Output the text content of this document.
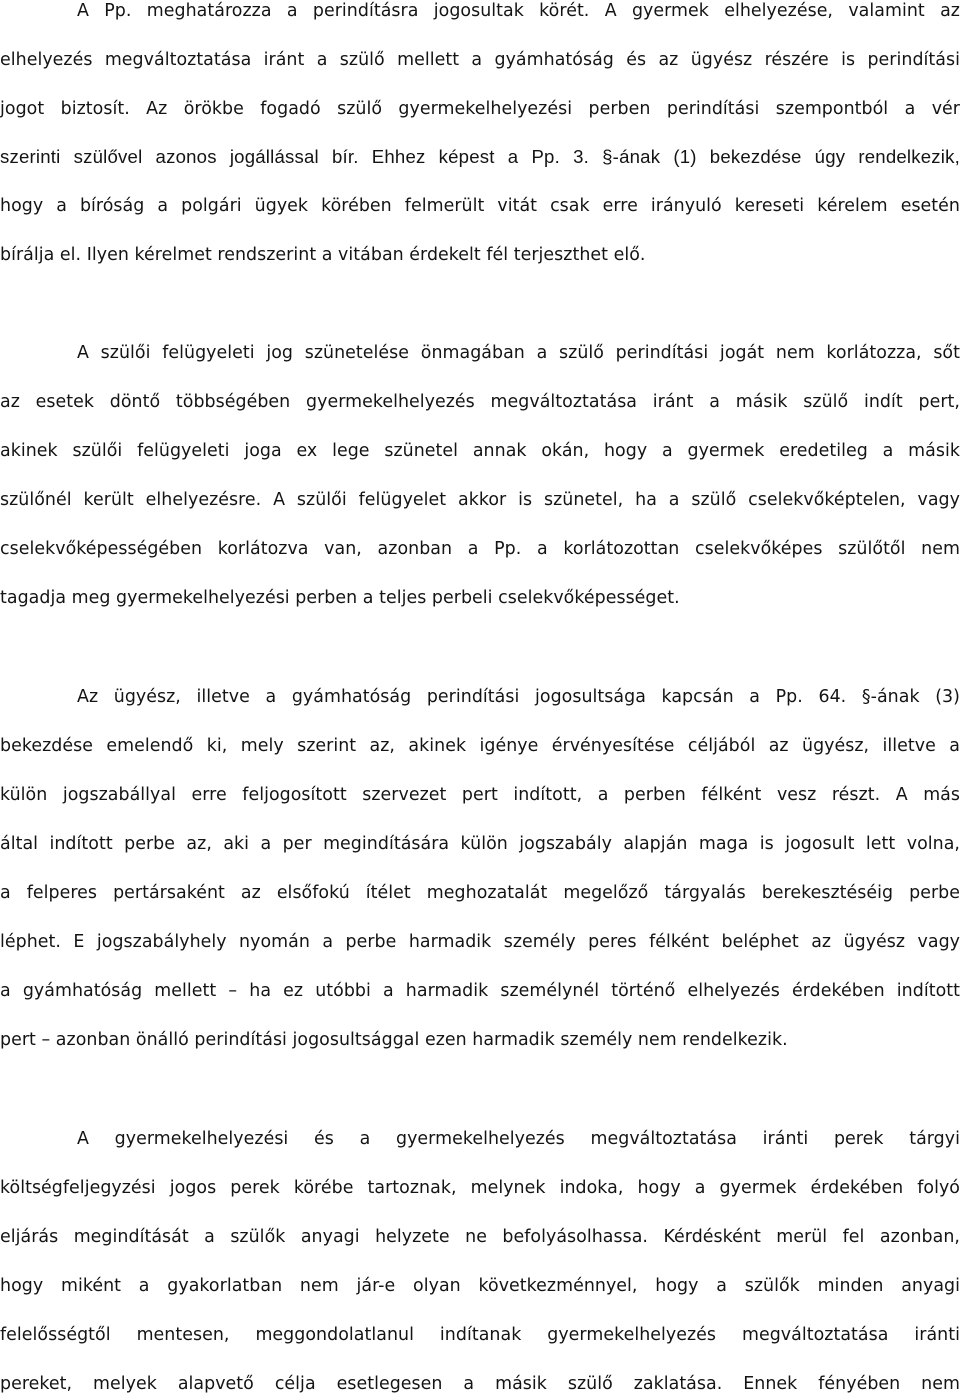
A Pp. meghatározza a perindításra jogosultak körét. A gyermek elhelyezése, valamint az
elhelyezés megváltoztatása iránt a szülő mellett a gyámhatóság és az ügyész részére is perindítási
jogot biztosít. Az örökbe fogadó szülő gyermekelhelyezési perben perindítási szempontból a vér
szerinti szülővel azonos jogállással bír. Ehhez képest a Pp. 3. §-ának (1) bekezdése úgy rendelkezik,
hogy a bíróság a polgári ügyek körében felmerült vitát csak erre irányuló kereseti kérelem esetén
bírálja el. Ilyen kérelmet rendszerint a vitában érdekelt fél terjeszthet elő.
A szülői felügyeleti jog szünetelése önmagában a szülő perindítási jogát nem korlátozza, sőt
az esetek döntő többségében gyermekelhelyezés megváltoztatása iránt a másik szülő indít pert,
akinek szülői felügyeleti joga ex lege szünetel annak okán, hogy a gyermek eredetileg a másik
szülőnél került elhelyezésre. A szülői felügyelet akkor is szünetel, ha a szülő cselekvőképtelen, vagy
cselekvőképességében korlátozva van, azonban a Pp. a korlátozottan cselekvőképes szülőtől nem
tagadja meg gyermekelhelyezési perben a teljes perbeli cselekvőképességet.
Az ügyész, illetve a gyámhatóság perindítási jogosultsága kapcsán a Pp. 64. §-ának (3)
bekezdése emelendő ki, mely szerint az, akinek igénye érvényesítése céljából az ügyész, illetve a
külön jogszabállyal erre feljogosított szervezet pert indított, a perben félként vesz részt. A más
által indított perbe az, aki a per megindítására külön jogszabály alapján maga is jogosult lett volna,
a felperes pertársaként az elsőfokú ítélet meghozatalát megelőző tárgyalás berekesztéséig perbe
léphet. E jogszabályhely nyomán a perbe harmadik személy peres félként beléphet az ügyész vagy
a gyámhatóság mellett – ha ez utóbbi a harmadik személynél történő elhelyezés érdekében indított
pert – azonban önálló perindítási jogosultsággal ezen harmadik személy nem rendelkezik.
A gyermekelhelyezési és a gyermekelhelyezés megváltoztatása iránti perek tárgyi
költségfeljegyzési jogos perek körébe tartoznak, melynek indoka, hogy a gyermek érdekében folyó
eljárás megindítását a szülők anyagi helyzete ne befolyásolhassa. Kérdésként merül fel azonban,
hogy miként a gyakorlatban nem jár-e olyan következménnyel, hogy a szülők minden anyagi
felelősségtől mentesen, meggondolatlanul indítanak gyermekelhelyezés megváltoztatása iránti
pereket, melyek alapvető célja esetlegesen a másik szülő zaklatása. Ennek fényében nem
